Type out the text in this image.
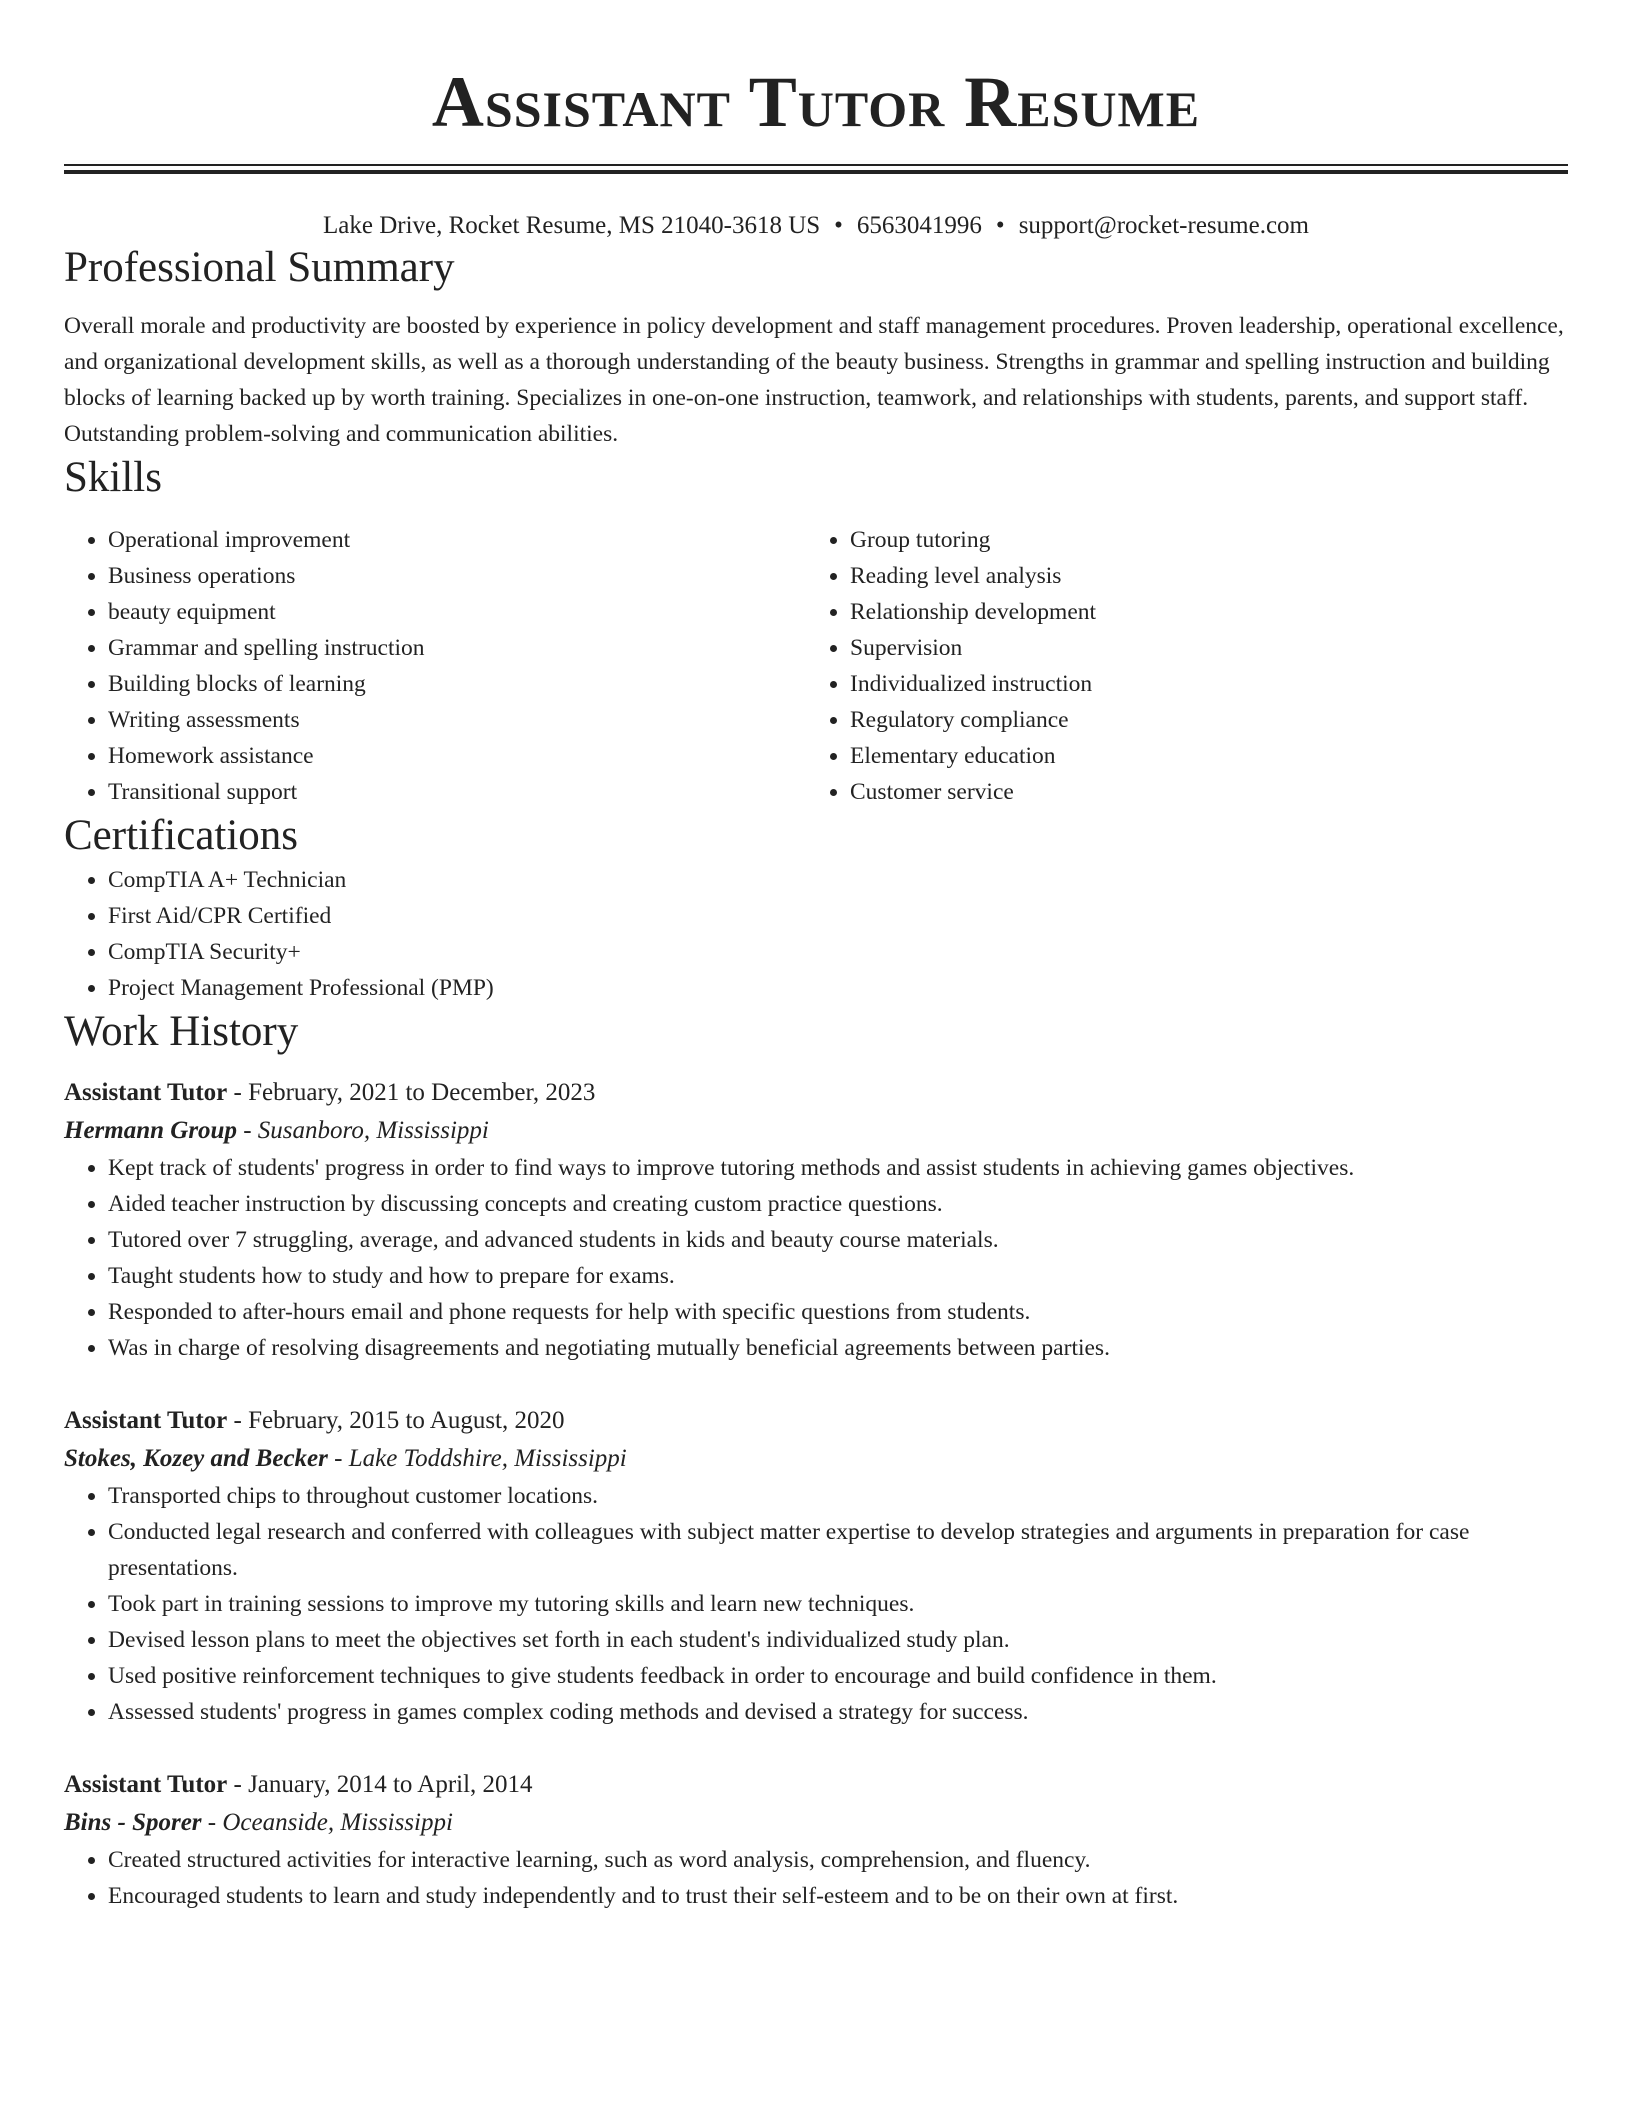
Assistant Tutor Resume
Lake Drive, Rocket Resume, MS 21040-3618 US • 6563041996 • support@rocket-resume.com
Professional Summary

Overall morale and productivity are boosted by experience in policy development and staff management procedures. Proven leadership, operational excellence, and organizational development skills, as well as a thorough understanding of the beauty business. Strengths in grammar and spelling instruction and building blocks of learning backed up by worth training. Specializes in one-on-one instruction, teamwork, and relationships with students, parents, and support staff. Outstanding problem-solving and communication abilities.

Skills
• Operational improvement
• Business operations
• beauty equipment
• Grammar and spelling instruction
• Building blocks of learning
• Writing assessments
• Homework assistance
• Transitional support
• Group tutoring
• Reading level analysis
• Relationship development
• Supervision
• Individualized instruction
• Regulatory compliance
• Elementary education
• Customer service
Certifications
• CompTIA A+ Technician
• First Aid/CPR Certified
• CompTIA Security+
• Project Management Professional (PMP)
Work History
Assistant Tutor - February, 2021 to December, 2023
Hermann Group - Susanboro, Mississippi
• Kept track of students' progress in order to find ways to improve tutoring methods and assist students in achieving games objectives.
• Aided teacher instruction by discussing concepts and creating custom practice questions.
• Tutored over 7 struggling, average, and advanced students in kids and beauty course materials.
• Taught students how to study and how to prepare for exams.
• Responded to after-hours email and phone requests for help with specific questions from students.
• Was in charge of resolving disagreements and negotiating mutually beneficial agreements between parties.
Assistant Tutor - February, 2015 to August, 2020
Stokes, Kozey and Becker - Lake Toddshire, Mississippi
• Transported chips to throughout customer locations.
• Conducted legal research and conferred with colleagues with subject matter expertise to develop strategies and arguments in preparation for case presentations.
• Took part in training sessions to improve my tutoring skills and learn new techniques.
• Devised lesson plans to meet the objectives set forth in each student's individualized study plan.
• Used positive reinforcement techniques to give students feedback in order to encourage and build confidence in them.
• Assessed students' progress in games complex coding methods and devised a strategy for success.
Assistant Tutor - January, 2014 to April, 2014
Bins - Sporer - Oceanside, Mississippi
• Created structured activities for interactive learning, such as word analysis, comprehension, and fluency.
• Encouraged students to learn and study independently and to trust their self-esteem and to be on their own at first.
